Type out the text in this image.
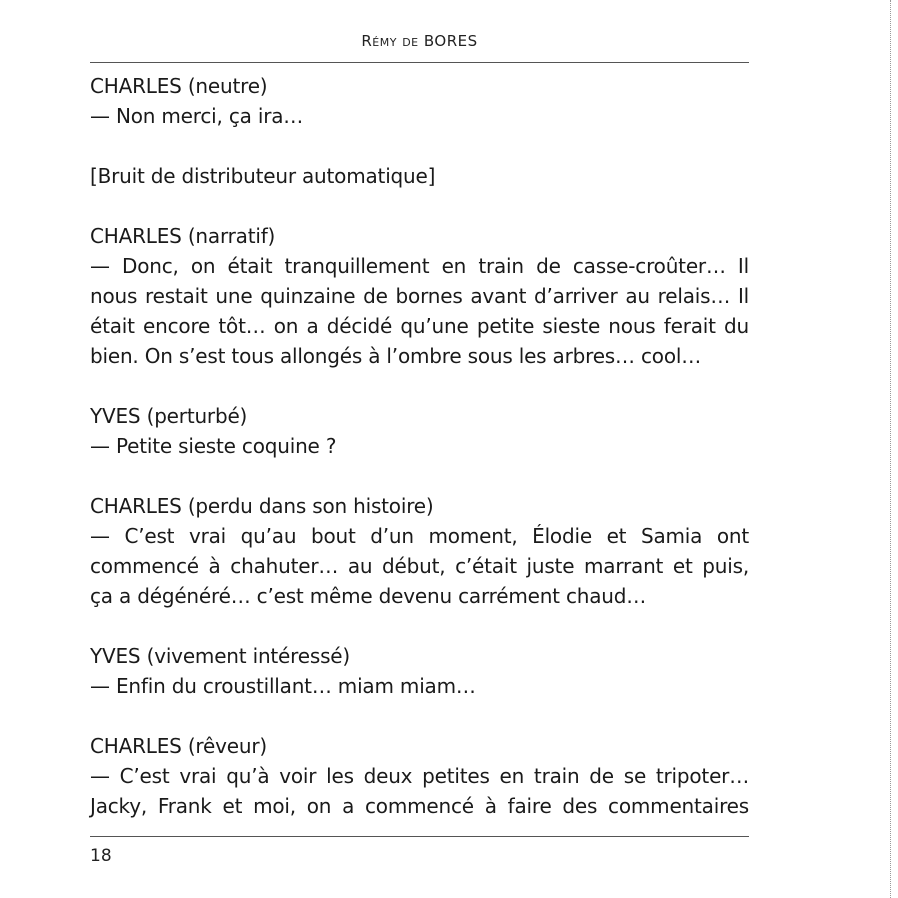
Rémy de BORES
CHARLES (neutre)
— Non merci, ça ira…
[Bruit de distributeur automatique]
CHARLES (narratif)
— Donc, on était tranquillement en train de casse-croûter… Il
nous restait une quinzaine de bornes avant d’arriver au relais… Il
était encore tôt… on a décidé qu’une petite sieste nous ferait du
bien. On s’est tous allongés à l’ombre sous les arbres… cool…
YVES (perturbé)
— Petite sieste coquine ?
CHARLES (perdu dans son histoire)
— C’est vrai qu’au bout d’un moment, Élodie et Samia ont
commencé à chahuter… au début, c’était juste marrant et puis,
ça a dégénéré… c’est même devenu carrément chaud…
YVES (vivement intéressé)
— Enfin du croustillant… miam miam…
CHARLES (rêveur)
— C’est vrai qu’à voir les deux petites en train de se tripoter…
Jacky, Frank et moi, on a commencé à faire des commentaires
18
